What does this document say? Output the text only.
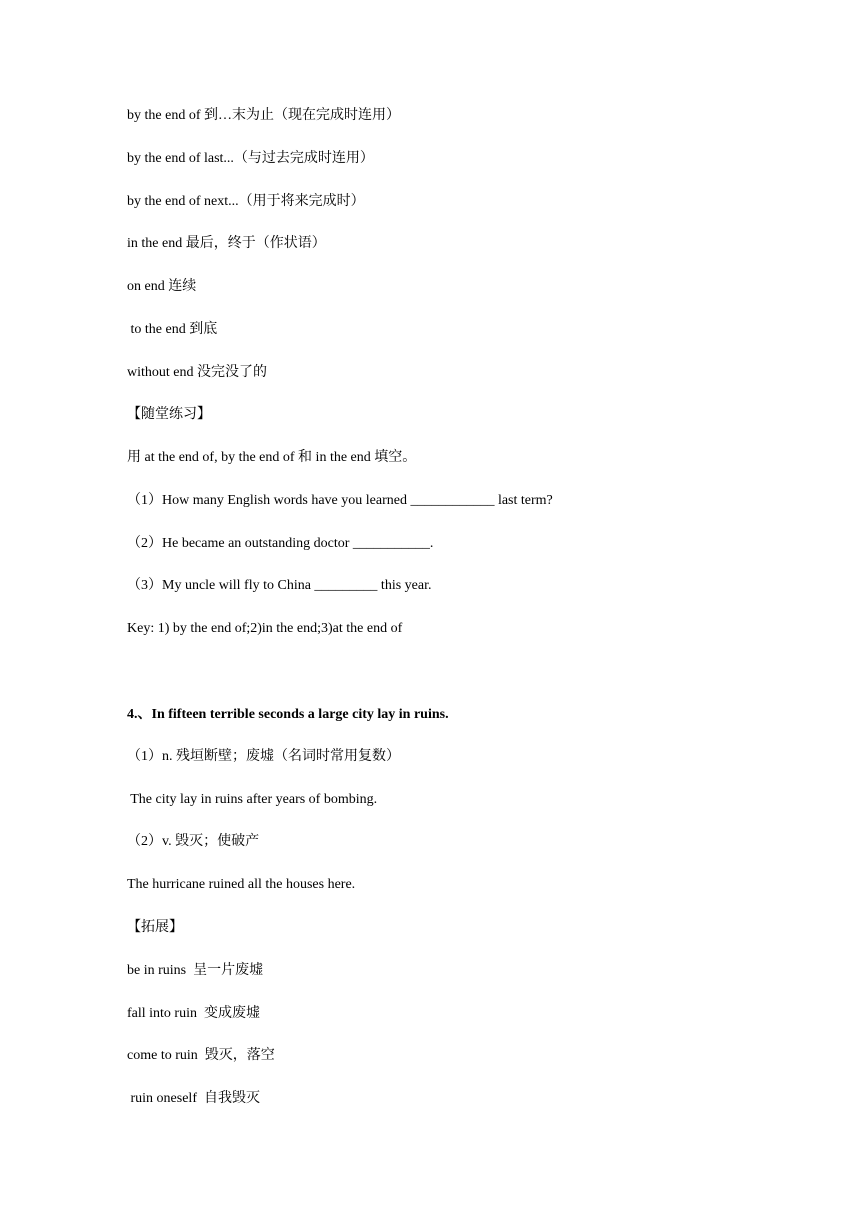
by the end of 到…末为止（现在完成时连用）
by the end of last...（与过去完成时连用）
by the end of next...（用于将来完成时）
in the end 最后，终于（作状语）
on end 连续
to the end 到底
without end 没完没了的
【随堂练习】
用 at the end of, by the end of 和 in the end 填空。
（1）How many English words have you learned ____________ last term?
（2）He became an outstanding doctor ___________.
（3）My uncle will fly to China _________ this year.
Key: 1) by the end of;2)in the end;3)at the end of
4.、In fifteen terrible seconds a large city lay in ruins.
（1）n. 残垣断壁；废墟（名词时常用复数）
The city lay in ruins after years of bombing.
（2）v. 毁灭；使破产
The hurricane ruined all the houses here.
【拓展】
be in ruins  呈一片废墟
fall into ruin  变成废墟
come to ruin  毁灭，落空
ruin oneself  自我毁灭
